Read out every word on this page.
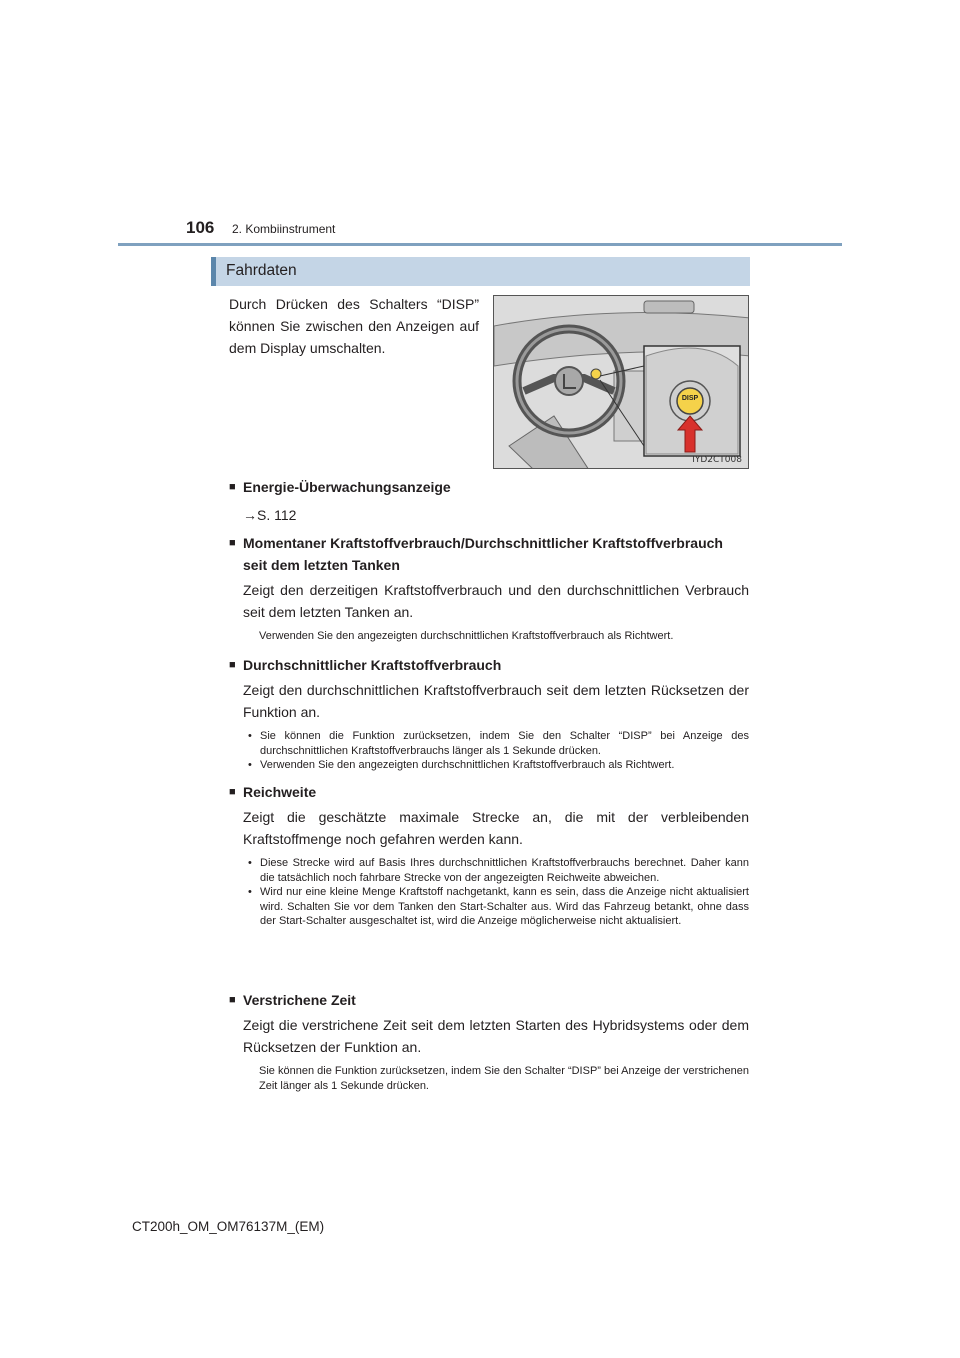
106 2. Kombiinstrument
Fahrdaten
Durch Drücken des Schalters “DISP” können Sie zwischen den Anzeigen auf dem Display umschalten.
DISP
IYD2CT008
■ Energie-Überwachungsanzeige
→S. 112
■ Momentaner Kraftstoffverbrauch/Durchschnittlicher Kraftstoffverbrauch seit dem letzten Tanken
Zeigt den derzeitigen Kraftstoffverbrauch und den durchschnittlichen Verbrauch seit dem letzten Tanken an.
Verwenden Sie den angezeigten durchschnittlichen Kraftstoffverbrauch als Richtwert.
■ Durchschnittlicher Kraftstoffverbrauch
Zeigt den durchschnittlichen Kraftstoffverbrauch seit dem letzten Rücksetzen der Funktion an.
• Sie können die Funktion zurücksetzen, indem Sie den Schalter “DISP” bei Anzeige des durchschnittlichen Kraftstoffverbrauchs länger als 1 Sekunde drücken.
• Verwenden Sie den angezeigten durchschnittlichen Kraftstoffverbrauch als Richtwert.
■ Reichweite
Zeigt die geschätzte maximale Strecke an, die mit der verbleibenden Kraftstoffmenge noch gefahren werden kann.
• Diese Strecke wird auf Basis Ihres durchschnittlichen Kraftstoffverbrauchs berechnet. Daher kann die tatsächlich noch fahrbare Strecke von der angezeigten Reichweite abweichen.
• Wird nur eine kleine Menge Kraftstoff nachgetankt, kann es sein, dass die Anzeige nicht aktualisiert wird. Schalten Sie vor dem Tanken den Start-Schalter aus. Wird das Fahrzeug betankt, ohne dass der Start-Schalter ausgeschaltet ist, wird die Anzeige möglicherweise nicht aktualisiert.
■ Verstrichene Zeit
Zeigt die verstrichene Zeit seit dem letzten Starten des Hybridsystems oder dem Rücksetzen der Funktion an.
Sie können die Funktion zurücksetzen, indem Sie den Schalter “DISP” bei Anzeige der verstrichenen Zeit länger als 1 Sekunde drücken.
CT200h_OM_OM76137M_(EM)
